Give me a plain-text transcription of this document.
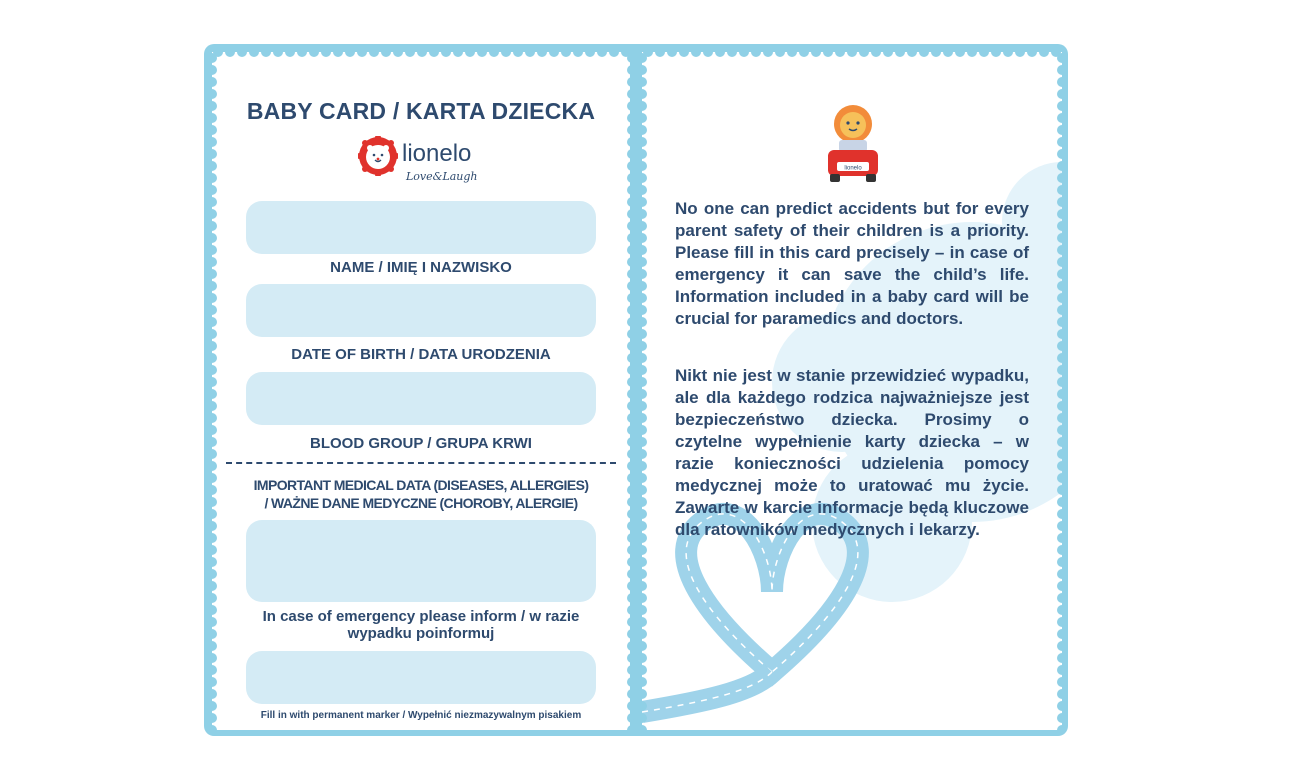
BABY CARD / KARTA DZIECKA
lionelo
Love&Laugh
NAME / IMIĘ I NAZWISKO
DATE OF BIRTH / DATA URODZENIA
BLOOD GROUP / GRUPA KRWI
IMPORTANT MEDICAL DATA (DISEASES, ALLERGIES)
/ WAŻNE DANE MEDYCZNE (CHOROBY, ALERGIE)
In case of emergency please inform / w razie wypadku poinformuj
Fill in with permanent marker / Wypełnić niezmazywalnym pisakiem
lionelo

No one can predict accidents but for every parent safety of their children is a priority. Please fill in this card precisely – in case of emergency it can save the child’s life. Information included in a baby card will be crucial for paramedics and doctors.

Nikt nie jest w stanie przewidzieć wypadku, ale dla każdego rodzica najważniejsze jest bezpieczeństwo dziecka. Prosimy o czytelne wypełnienie karty dziecka – w razie konieczności udzielenia pomocy medycznej może to uratować mu życie. Zawarte w karcie informacje będą kluczowe dla ratowników medycznych i lekarzy.
